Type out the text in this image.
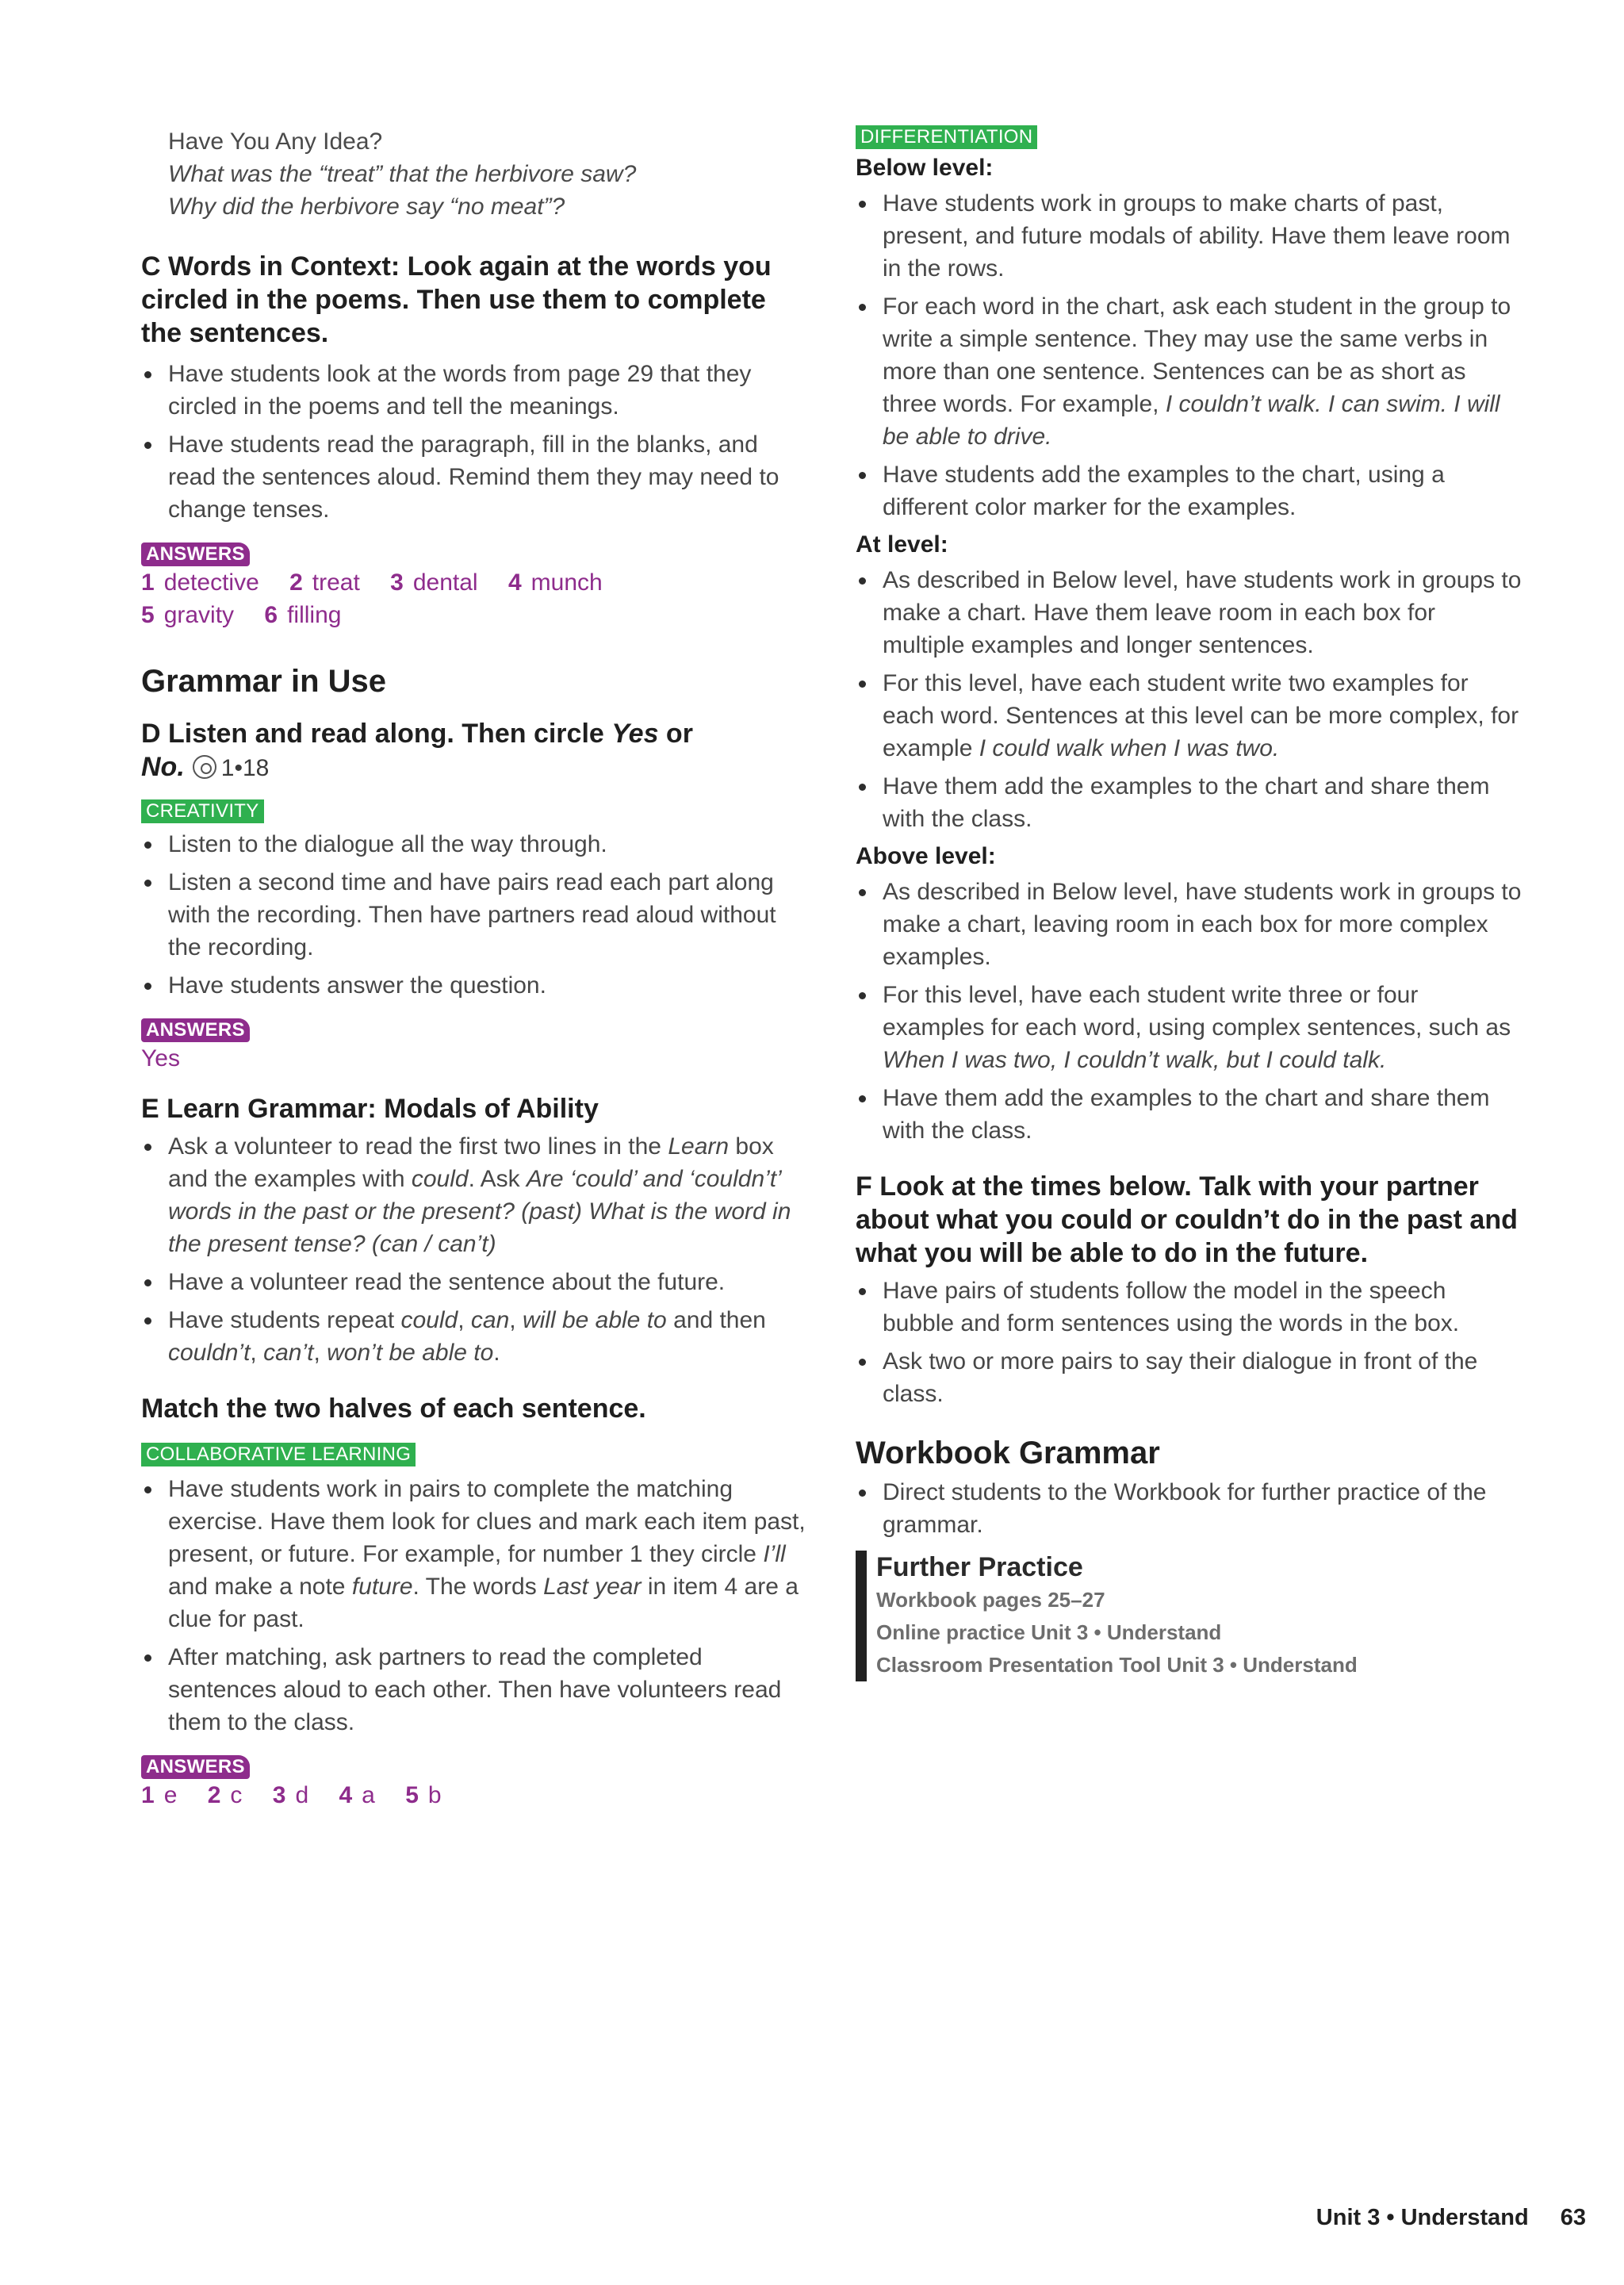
Have You Any Idea?
What was the “treat” that the herbivore saw?
Why did the herbivore say “no meat”?

C Words in Context: Look again at the words you circled in the poems. Then use them to complete the sentences.

Have students look at the words from page 29 that they circled in the poems and tell the meanings.
Have students read the paragraph, fill in the blanks, and read the sentences aloud. Remind them they may need to change tenses.
ANSWERS

1 detective 2 treat 3 dental 4 munch

5 gravity 6 filling

Grammar in Use

D Listen and read along. Then circle Yes or
No. 1•18

CREATIVITY
Listen to the dialogue all the way through.
Listen a second time and have pairs read each part along with the recording. Then have partners read aloud without the recording.
Have students answer the question.
ANSWERS

Yes

E Learn Grammar: Modals of Ability

Ask a volunteer to read the first two lines in the Learn box and the examples with could. Ask Are ‘could’ and ‘couldn’t’ words in the past or the present? (past) What is the word in the present tense? (can / can’t)
Have a volunteer read the sentence about the future.
Have students repeat could, can, will be able to and then couldn’t, can’t, won’t be able to.

Match the two halves of each sentence.

COLLABORATIVE LEARNING
Have students work in pairs to complete the matching exercise. Have them look for clues and mark each item past, present, or future. For example, for number 1 they circle I’ll and make a note future. The words Last year in item 4 are a clue for past.
After matching, ask partners to read the completed sentences aloud to each other. Then have volunteers read them to the class.
ANSWERS

1 e 2 c 3 d 4 a 5 b

DIFFERENTIATION

Below level:

Have students work in groups to make charts of past, present, and future modals of ability. Have them leave room in the rows.
For each word in the chart, ask each student in the group to write a simple sentence. They may use the same verbs in more than one sentence. Sentences can be as short as three words. For example, I couldn’t walk. I can swim. I will be able to drive.
Have students add the examples to the chart, using a different color marker for the examples.

At level:

As described in Below level, have students work in groups to make a chart. Have them leave room in each box for multiple examples and longer sentences.
For this level, have each student write two examples for each word. Sentences at this level can be more complex, for example I could walk when I was two.
Have them add the examples to the chart and share them with the class.

Above level:

As described in Below level, have students work in groups to make a chart, leaving room in each box for more complex examples.
For this level, have each student write three or four examples for each word, using complex sentences, such as When I was two, I couldn’t walk, but I could talk.
Have them add the examples to the chart and share them with the class.

F Look at the times below. Talk with your partner about what you could or couldn’t do in the past and what you will be able to do in the future.

Have pairs of students follow the model in the speech bubble and form sentences using the words in the box.
Ask two or more pairs to say their dialogue in front of the class.
Workbook Grammar
Direct students to the Workbook for further practice of the grammar.
Further Practice
Workbook pages 25–27
Online practice Unit 3 • Understand
Classroom Presentation Tool Unit 3 • Understand
Unit 3 • Understand 63
